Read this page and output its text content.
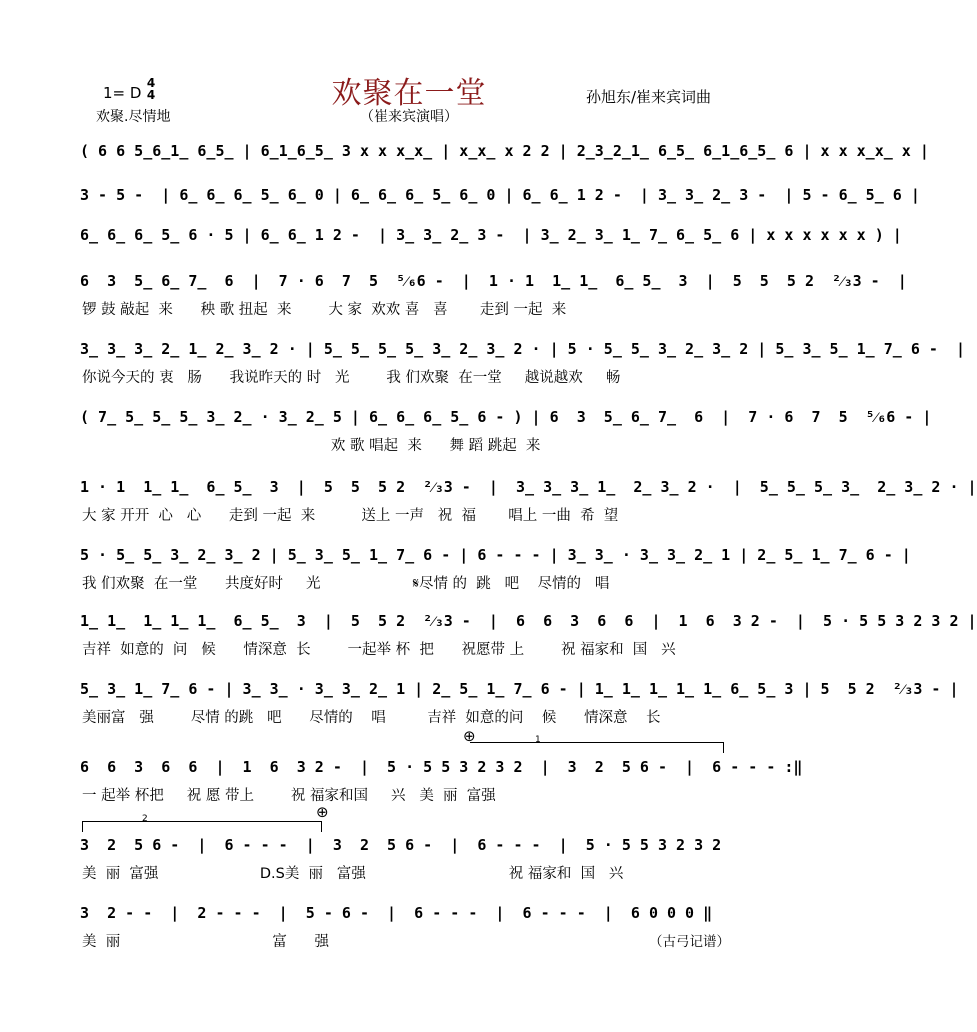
欢聚在一堂
1= D
4
4
欢聚.尽情地	（崔来宾演唱）
孙旭东/崔来宾词曲
( 6 6 5̲6̲1̲ 6̲5̲ | 6̲1̲6̲5̲ 3 x x x̲x̲ | x̲x̲ x 2 2 | 2̲3̲2̲1̲ 6̲5̲ 6̲1̲6̲5̲ 6 | x x x̲x̲ x |
3 - 5 -  | 6̲ 6̲ 6̲ 5̲ 6̲ 0 | 6̲ 6̲ 6̲ 5̲ 6̲ 0 | 6̲ 6̲ 1 2 -  | 3̲ 3̲ 2̲ 3 -  | 5 - 6̲ 5̲ 6 |
6̲ 6̲ 6̲ 5̲ 6 · 5 | 6̲ 6̲ 1 2 -  | 3̲ 3̲ 2̲ 3 -  | 3̲ 2̲ 3̲ 1̲ 7̲ 6̲ 5̲ 6 | x x x x x x ) |
6  3  5̲ 6̲ 7̲  6  |  7 · 6  7  5  ⁵⁄₆6 -  |  1 · 1  1̲ 1̲  6̲ 5̲  3  |  5  5  5 2  ²⁄₃3 -  |
锣 鼓 敲起  来      秧 歌 扭起  来        大 家  欢欢 喜   喜       走到 一起  来
3̲ 3̲ 3̲ 2̲ 1̲ 2̲ 3̲ 2 · | 5̲ 5̲ 5̲ 5̲ 3̲ 2̲ 3̲ 2 · | 5 · 5̲ 5̲ 3̲ 2̲ 3̲ 2 | 5̲ 3̲ 5̲ 1̲ 7̲ 6 -  |
你说今天的 衷   肠      我说昨天的 时   光        我 们欢聚  在一堂     越说越欢     畅
( 7̲ 5̲ 5̲ 5̲ 3̲ 2̲ · 3̲ 2̲ 5 | 6̲ 6̲ 6̲ 5̲ 6 - ) | 6  3  5̲ 6̲ 7̲  6  |  7 · 6  7  5  ⁵⁄₆6 - |
欢 歌 唱起  来      舞 蹈 跳起  来
1 · 1  1̲ 1̲  6̲ 5̲  3  |  5  5  5 2  ²⁄₃3 -  |  3̲ 3̲ 3̲ 1̲  2̲ 3̲ 2 ·  |  5̲ 5̲ 5̲ 3̲  2̲ 3̲ 2 · |
大 家 开开  心   心      走到 一起  来          送上 一声   祝  福       唱上 一曲  希  望
5 · 5̲ 5̲ 3̲ 2̲ 3̲ 2 | 5̲ 3̲ 5̲ 1̲ 7̲ 6 - | 6 - - - | 3̲ 3̲ · 3̲ 3̲ 2̲ 1 | 2̲ 5̲ 1̲ 7̲ 6 - |
我 们欢聚  在一堂      共度好时     光                    𝄋尽情 的  跳   吧    尽情的   唱
1̲ 1̲  1̲ 1̲ 1̲  6̲ 5̲  3  |  5  5 2  ²⁄₃3 -  |  6  6  3  6  6  |  1  6  3 2 -  |  5 · 5 5 3 2 3 2 |
吉祥  如意的  问   候      情深意  长        一起举 杯  把      祝愿带 上        祝 福家和  国   兴
5̲ 3̲ 1̲ 7̲ 6 - | 3̲ 3̲ · 3̲ 3̲ 2̲ 1 | 2̲ 5̲ 1̲ 7̲ 6 - | 1̲ 1̲ 1̲ 1̲ 1̲ 6̲ 5̲ 3 | 5  5 2  ²⁄₃3 - |
美丽富   强        尽情 的跳   吧      尽情的    唱         吉祥  如意的问    候      情深意    长
6  6  3  6  6  |  1  6  3 2 -  |  5 · 5 5 3 2 3 2  |  3  2  5 6 -  |  6 - - - :‖
一 起举 杯把     祝 愿 带上        祝 福家和国     兴   美  丽  富强
3  2  5 6 -  |  6 - - -  |  3  2  5 6 -  |  6 - - -  |  5 · 5 5 3 2 3 2
美  丽  富强                      D.S美  丽   富强                               祝 福家和  国   兴
3  2 - -  |  2 - - -  |  5 - 6 -  |  6 - - -  |  6 - - -  |  6 0 0 0 ‖
美  丽                                 富      强
⊕
⊕
1
2
（古弓记谱）
